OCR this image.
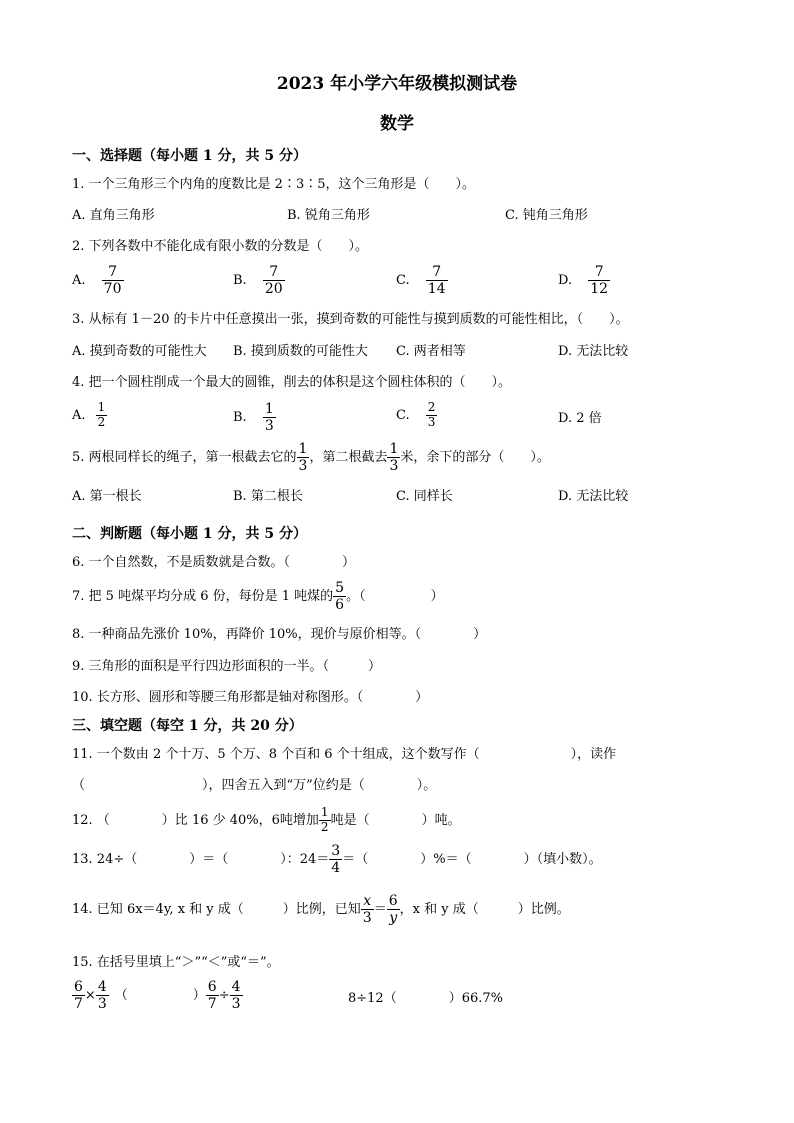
2023 年小学六年级模拟测试卷
数学
一、选择题（每小题 1 分，共 5 分）
1. 一个三角形三个内角的度数比是 2∶3∶5，这个三角形是（　　）。
A. 直角三角形	B. 锐角三角形	C. 钝角三角形
2. 下列各数中不能化成有限小数的分数是（　　）。
A. $\frac{7}{70}$	B. $\frac{7}{20}$	C. $\frac{7}{14}$	D. $\frac{7}{12}$
3. 从标有 1－20 的卡片中任意摸出一张，摸到奇数的可能性与摸到质数的可能性相比，（　　）。
A. 摸到奇数的可能性大 B. 摸到质数的可能性大 C. 两者相等	D. 无法比较
4. 把一个圆柱削成一个最大的圆锥，削去的体积是这个圆柱体积的（　　）。
A. $\frac{1}{2}$	B. $\frac{1}{3}$	C. $\frac{2}{3}$	D. 2 倍
5. 两根同样长的绳子，第一根截去它的 $\frac{1}{3}$ ，第二根截去 $\frac{1}{3}$ 米，余下的部分（　　）。
A. 第一根长	B. 第二根长	C. 同样长	D. 无法比较
二、判断题（每小题 1 分，共 5 分）
6. 一个自然数，不是质数就是合数。（　　　　）
7. 把 5 吨煤平均分成 6 份，每份是 1 吨煤的 $\frac{5}{6}$ 。（　　　　　）
8. 一种商品先涨价 10%，再降价 10%，现价与原价相等。（　　　　）
9. 三角形的面积是平行四边形面积的一半。（　　　）
10. 长方形、圆形和等腰三角形都是轴对称图形。（　　　　）
三、填空题（每空 1 分，共 20 分）
11. 一个数由 2 个十万、5 个万、8 个百和 6 个十组成，这个数写作（　　　　　　　），读作
（　　　　　　　　　），四舍五入到“万”位约是（　　　　）。
12. （　　　　）比 16 少 40%，6吨增加 $\frac{1}{2}$ 吨是（　　　　）吨。
13. 24÷（　　　　）＝（　　　　）：$24= \frac{3}{4}$ ＝（　　　　）%＝（　　　　）（填小数）。
14. 已知 6x＝4y, x 和 y 成（　　　）比例，已知 $\frac{x}{3} = \frac{6}{y}$ ，x 和 y 成（　　　）比例。
15. 在括号里填上“＞”“＜”或“＝”。
$\frac{6}{7} \times \frac{4}{3}$ （　　　　　） $\frac{6}{7} \div \frac{4}{3}$	8÷12（　　　　）66.7%
